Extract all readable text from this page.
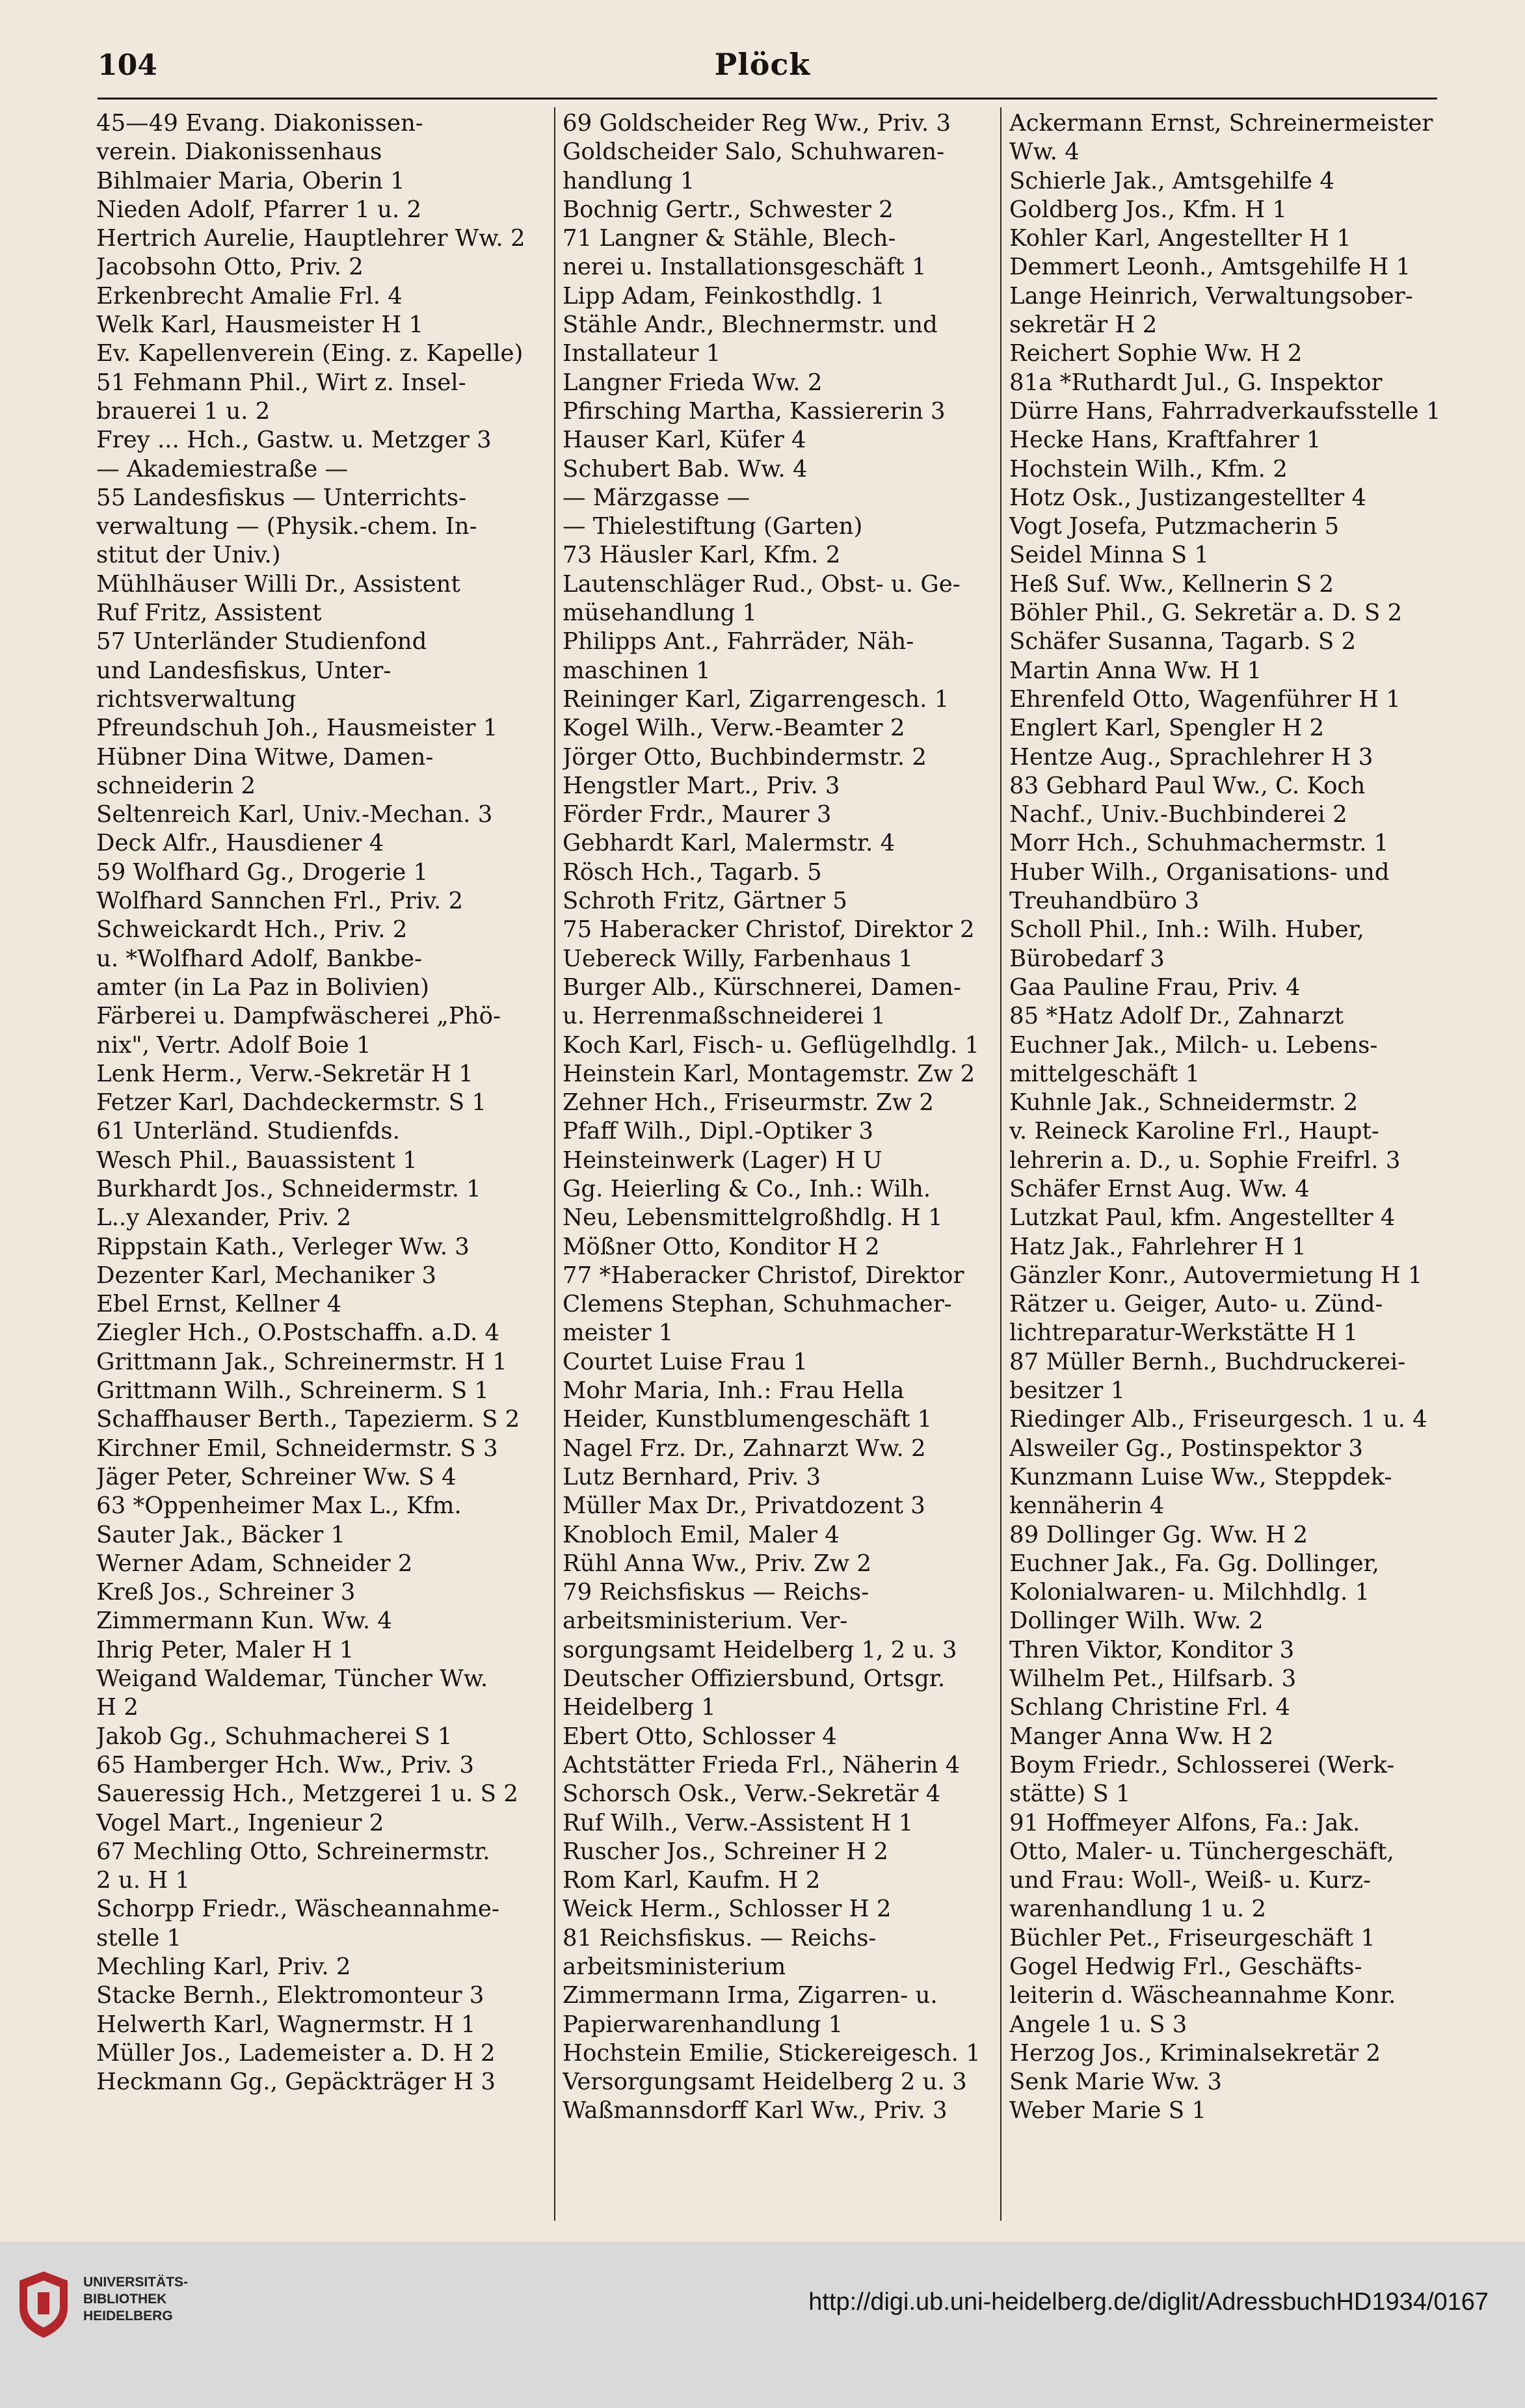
104	Plöck
45—49 Evang. Diakonissen-
verein. Diakonissenhaus
Bihlmaier Maria, Oberin 1
Nieden Adolf, Pfarrer 1 u. 2
Hertrich Aurelie, Hauptlehrer Ww. 2
Jacobsohn Otto, Priv. 2
Erkenbrecht Amalie Frl. 4
Welk Karl, Hausmeister H 1
Ev. Kapellenverein (Eing. z. Kapelle)
51 Fehmann Phil., Wirt z. Insel-
brauerei 1 u. 2
Frey ... Hch., Gastw. u. Metzger 3
— Akademiestraße —
55 Landesfiskus — Unterrichts-
verwaltung — (Physik.-chem. In-
stitut der Univ.)
Mühlhäuser Willi Dr., Assistent
Ruf Fritz, Assistent
57 Unterländer Studienfond
und Landesfiskus, Unter-
richtsverwaltung
Pfreundschuh Joh., Hausmeister 1
Hübner Dina Witwe, Damen-
schneiderin 2
Seltenreich Karl, Univ.-Mechan. 3
Deck Alfr., Hausdiener 4
59 Wolfhard Gg., Drogerie 1
Wolfhard Sannchen Frl., Priv. 2
Schweickardt Hch., Priv. 2
u. *Wolfhard Adolf, Bankbe-
amter (in La Paz in Bolivien)
Färberei u. Dampfwäscherei „Phö-
nix", Vertr. Adolf Boie 1
Lenk Herm., Verw.-Sekretär H 1
Fetzer Karl, Dachdeckermstr. S 1
61 Unterländ. Studienfds.
Wesch Phil., Bauassistent 1
Burkhardt Jos., Schneidermstr. 1
L..y Alexander, Priv. 2
Rippstain Kath., Verleger Ww. 3
Dezenter Karl, Mechaniker 3
Ebel Ernst, Kellner 4
Ziegler Hch., O.Postschaffn. a.D. 4
Grittmann Jak., Schreinermstr. H 1
Grittmann Wilh., Schreinerm. S 1
Schaffhauser Berth., Tapezierm. S 2
Kirchner Emil, Schneidermstr. S 3
Jäger Peter, Schreiner Ww. S 4
63 *Oppenheimer Max L., Kfm.
Sauter Jak., Bäcker 1
Werner Adam, Schneider 2
Kreß Jos., Schreiner 3
Zimmermann Kun. Ww. 4
Ihrig Peter, Maler H 1
Weigand Waldemar, Tüncher Ww.
H 2
Jakob Gg., Schuhmacherei S 1
65 Hamberger Hch. Ww., Priv. 3
Saueressig Hch., Metzgerei 1 u. S 2
Vogel Mart., Ingenieur 2
67 Mechling Otto, Schreinermstr.
2 u. H 1
Schorpp Friedr., Wäscheannahme-
stelle 1
Mechling Karl, Priv. 2
Stacke Bernh., Elektromonteur 3
Helwerth Karl, Wagnermstr. H 1
Müller Jos., Lademeister a. D. H 2
Heckmann Gg., Gepäckträger H 3
69 Goldscheider Reg Ww., Priv. 3
Goldscheider Salo, Schuhwaren-
handlung 1
Bochnig Gertr., Schwester 2
71 Langner & Stähle, Blech-
nerei u. Installationsgeschäft 1
Lipp Adam, Feinkosthdlg. 1
Stähle Andr., Blechnermstr. und
Installateur 1
Langner Frieda Ww. 2
Pfirsching Martha, Kassiererin 3
Hauser Karl, Küfer 4
Schubert Bab. Ww. 4
— Märzgasse —
— Thielestiftung (Garten)
73 Häusler Karl, Kfm. 2
Lautenschläger Rud., Obst- u. Ge-
müsehandlung 1
Philipps Ant., Fahrräder, Näh-
maschinen 1
Reininger Karl, Zigarrengesch. 1
Kogel Wilh., Verw.-Beamter 2
Jörger Otto, Buchbindermstr. 2
Hengstler Mart., Priv. 3
Förder Frdr., Maurer 3
Gebhardt Karl, Malermstr. 4
Rösch Hch., Tagarb. 5
Schroth Fritz, Gärtner 5
75 Haberacker Christof, Direktor 2
Uebereck Willy, Farbenhaus 1
Burger Alb., Kürschnerei, Damen-
u. Herrenmaßschneiderei 1
Koch Karl, Fisch- u. Geflügelhdlg. 1
Heinstein Karl, Montagemstr. Zw 2
Zehner Hch., Friseurmstr. Zw 2
Pfaff Wilh., Dipl.-Optiker 3
Heinsteinwerk (Lager) H U
Gg. Heierling & Co., Inh.: Wilh.
Neu, Lebensmittelgroßhdlg. H 1
Mößner Otto, Konditor H 2
77 *Haberacker Christof, Direktor
Clemens Stephan, Schuhmacher-
meister 1
Courtet Luise Frau 1
Mohr Maria, Inh.: Frau Hella
Heider, Kunstblumengeschäft 1
Nagel Frz. Dr., Zahnarzt Ww. 2
Lutz Bernhard, Priv. 3
Müller Max Dr., Privatdozent 3
Knobloch Emil, Maler 4
Rühl Anna Ww., Priv. Zw 2
79 Reichsfiskus — Reichs-
arbeitsministerium. Ver-
sorgungsamt Heidelberg 1, 2 u. 3
Deutscher Offiziersbund, Ortsgr.
Heidelberg 1
Ebert Otto, Schlosser 4
Achtstätter Frieda Frl., Näherin 4
Schorsch Osk., Verw.-Sekretär 4
Ruf Wilh., Verw.-Assistent H 1
Ruscher Jos., Schreiner H 2
Rom Karl, Kaufm. H 2
Weick Herm., Schlosser H 2
81 Reichsfiskus. — Reichs-
arbeitsministerium
Zimmermann Irma, Zigarren- u.
Papierwarenhandlung 1
Hochstein Emilie, Stickereigesch. 1
Versorgungsamt Heidelberg 2 u. 3
Waßmannsdorff Karl Ww., Priv. 3
Ackermann Ernst, Schreinermeister
Ww. 4
Schierle Jak., Amtsgehilfe 4
Goldberg Jos., Kfm. H 1
Kohler Karl, Angestellter H 1
Demmert Leonh., Amtsgehilfe H 1
Lange Heinrich, Verwaltungsober-
sekretär H 2
Reichert Sophie Ww. H 2
81a *Ruthardt Jul., G. Inspektor
Dürre Hans, Fahrradverkaufsstelle 1
Hecke Hans, Kraftfahrer 1
Hochstein Wilh., Kfm. 2
Hotz Osk., Justizangestellter 4
Vogt Josefa, Putzmacherin 5
Seidel Minna S 1
Heß Suf. Ww., Kellnerin S 2
Böhler Phil., G. Sekretär a. D. S 2
Schäfer Susanna, Tagarb. S 2
Martin Anna Ww. H 1
Ehrenfeld Otto, Wagenführer H 1
Englert Karl, Spengler H 2
Hentze Aug., Sprachlehrer H 3
83 Gebhard Paul Ww., C. Koch
Nachf., Univ.-Buchbinderei 2
Morr Hch., Schuhmachermstr. 1
Huber Wilh., Organisations- und
Treuhandbüro 3
Scholl Phil., Inh.: Wilh. Huber,
Bürobedarf 3
Gaa Pauline Frau, Priv. 4
85 *Hatz Adolf Dr., Zahnarzt
Euchner Jak., Milch- u. Lebens-
mittelgeschäft 1
Kuhnle Jak., Schneidermstr. 2
v. Reineck Karoline Frl., Haupt-
lehrerin a. D., u. Sophie Freifrl. 3
Schäfer Ernst Aug. Ww. 4
Lutzkat Paul, kfm. Angestellter 4
Hatz Jak., Fahrlehrer H 1
Gänzler Konr., Autovermietung H 1
Rätzer u. Geiger, Auto- u. Zünd-
lichtreparatur-Werkstätte H 1
87 Müller Bernh., Buchdruckerei-
besitzer 1
Riedinger Alb., Friseurgesch. 1 u. 4
Alsweiler Gg., Postinspektor 3
Kunzmann Luise Ww., Steppdek-
kennäherin 4
89 Dollinger Gg. Ww. H 2
Euchner Jak., Fa. Gg. Dollinger,
Kolonialwaren- u. Milchhdlg. 1
Dollinger Wilh. Ww. 2
Thren Viktor, Konditor 3
Wilhelm Pet., Hilfsarb. 3
Schlang Christine Frl. 4
Manger Anna Ww. H 2
Boym Friedr., Schlosserei (Werk-
stätte) S 1
91 Hoffmeyer Alfons, Fa.: Jak.
Otto, Maler- u. Tünchergeschäft,
und Frau: Woll-, Weiß- u. Kurz-
warenhandlung 1 u. 2
Büchler Pet., Friseurgeschäft 1
Gogel Hedwig Frl., Geschäfts-
leiterin d. Wäscheannahme Konr.
Angele 1 u. S 3
Herzog Jos., Kriminalsekretär 2
Senk Marie Ww. 3
Weber Marie S 1
UNIVERSITÄTS-
BIBLIOTHEK
HEIDELBERG
http://digi.ub.uni-heidelberg.de/diglit/AdressbuchHD1934/0167
